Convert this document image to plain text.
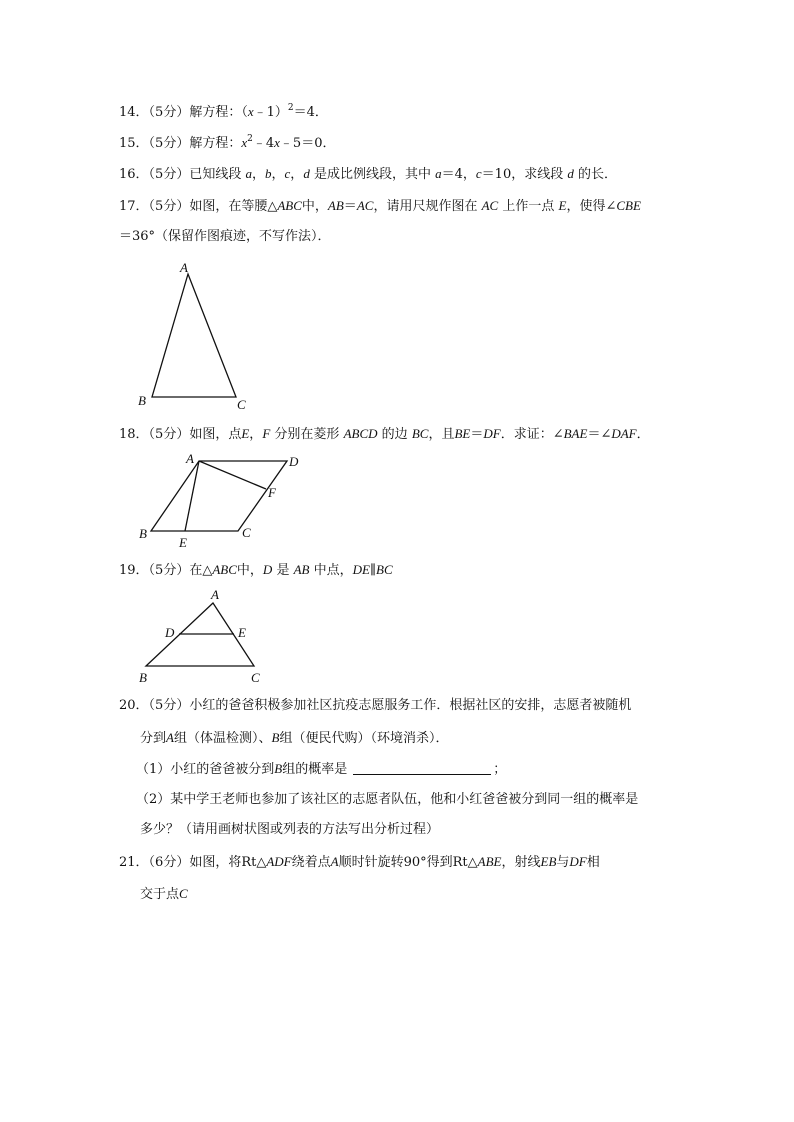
14．（5分）解方程：（x﹣1）$^2$＝4．
15．（5分）解方程：$x^2﹣4x﹣5=0$．
16．（5分）已知线段 a，b，c，d 是成比例线段，其中 a＝4，c＝10，求线段 d 的长．
17．（5分）如图，在等腰△ABC中，AB＝AC，请用尺规作图在 AC 上作一点 E，使得∠CBE
＝36°（保留作图痕迹，不写作法）．
A
B	C
A	D
F
B	C
E
A
D	E
B	C
18．（5分）如图，点E，F 分别在菱形 ABCD 的边 BC，且BE＝DF．求证：∠BAE＝∠DAF．
19．（5分）在△ABC中，D 是 AB 中点，DE∥BC
20．（5分）小红的爸爸积极参加社区抗疫志愿服务工作．根据社区的安排，志愿者被随机
分到A组（体温检测）、B组（便民代购）（环境消杀）．
（1）小红的爸爸被分到B组的概率是	；
（2）某中学王老师也参加了该社区的志愿者队伍，他和小红爸爸被分到同一组的概率是
多少？（请用画树状图或列表的方法写出分析过程）
21．（6分）如图，将Rt△ADF绕着点A顺时针旋转90°得到Rt△ABE，射线EB与DF相
交于点C
